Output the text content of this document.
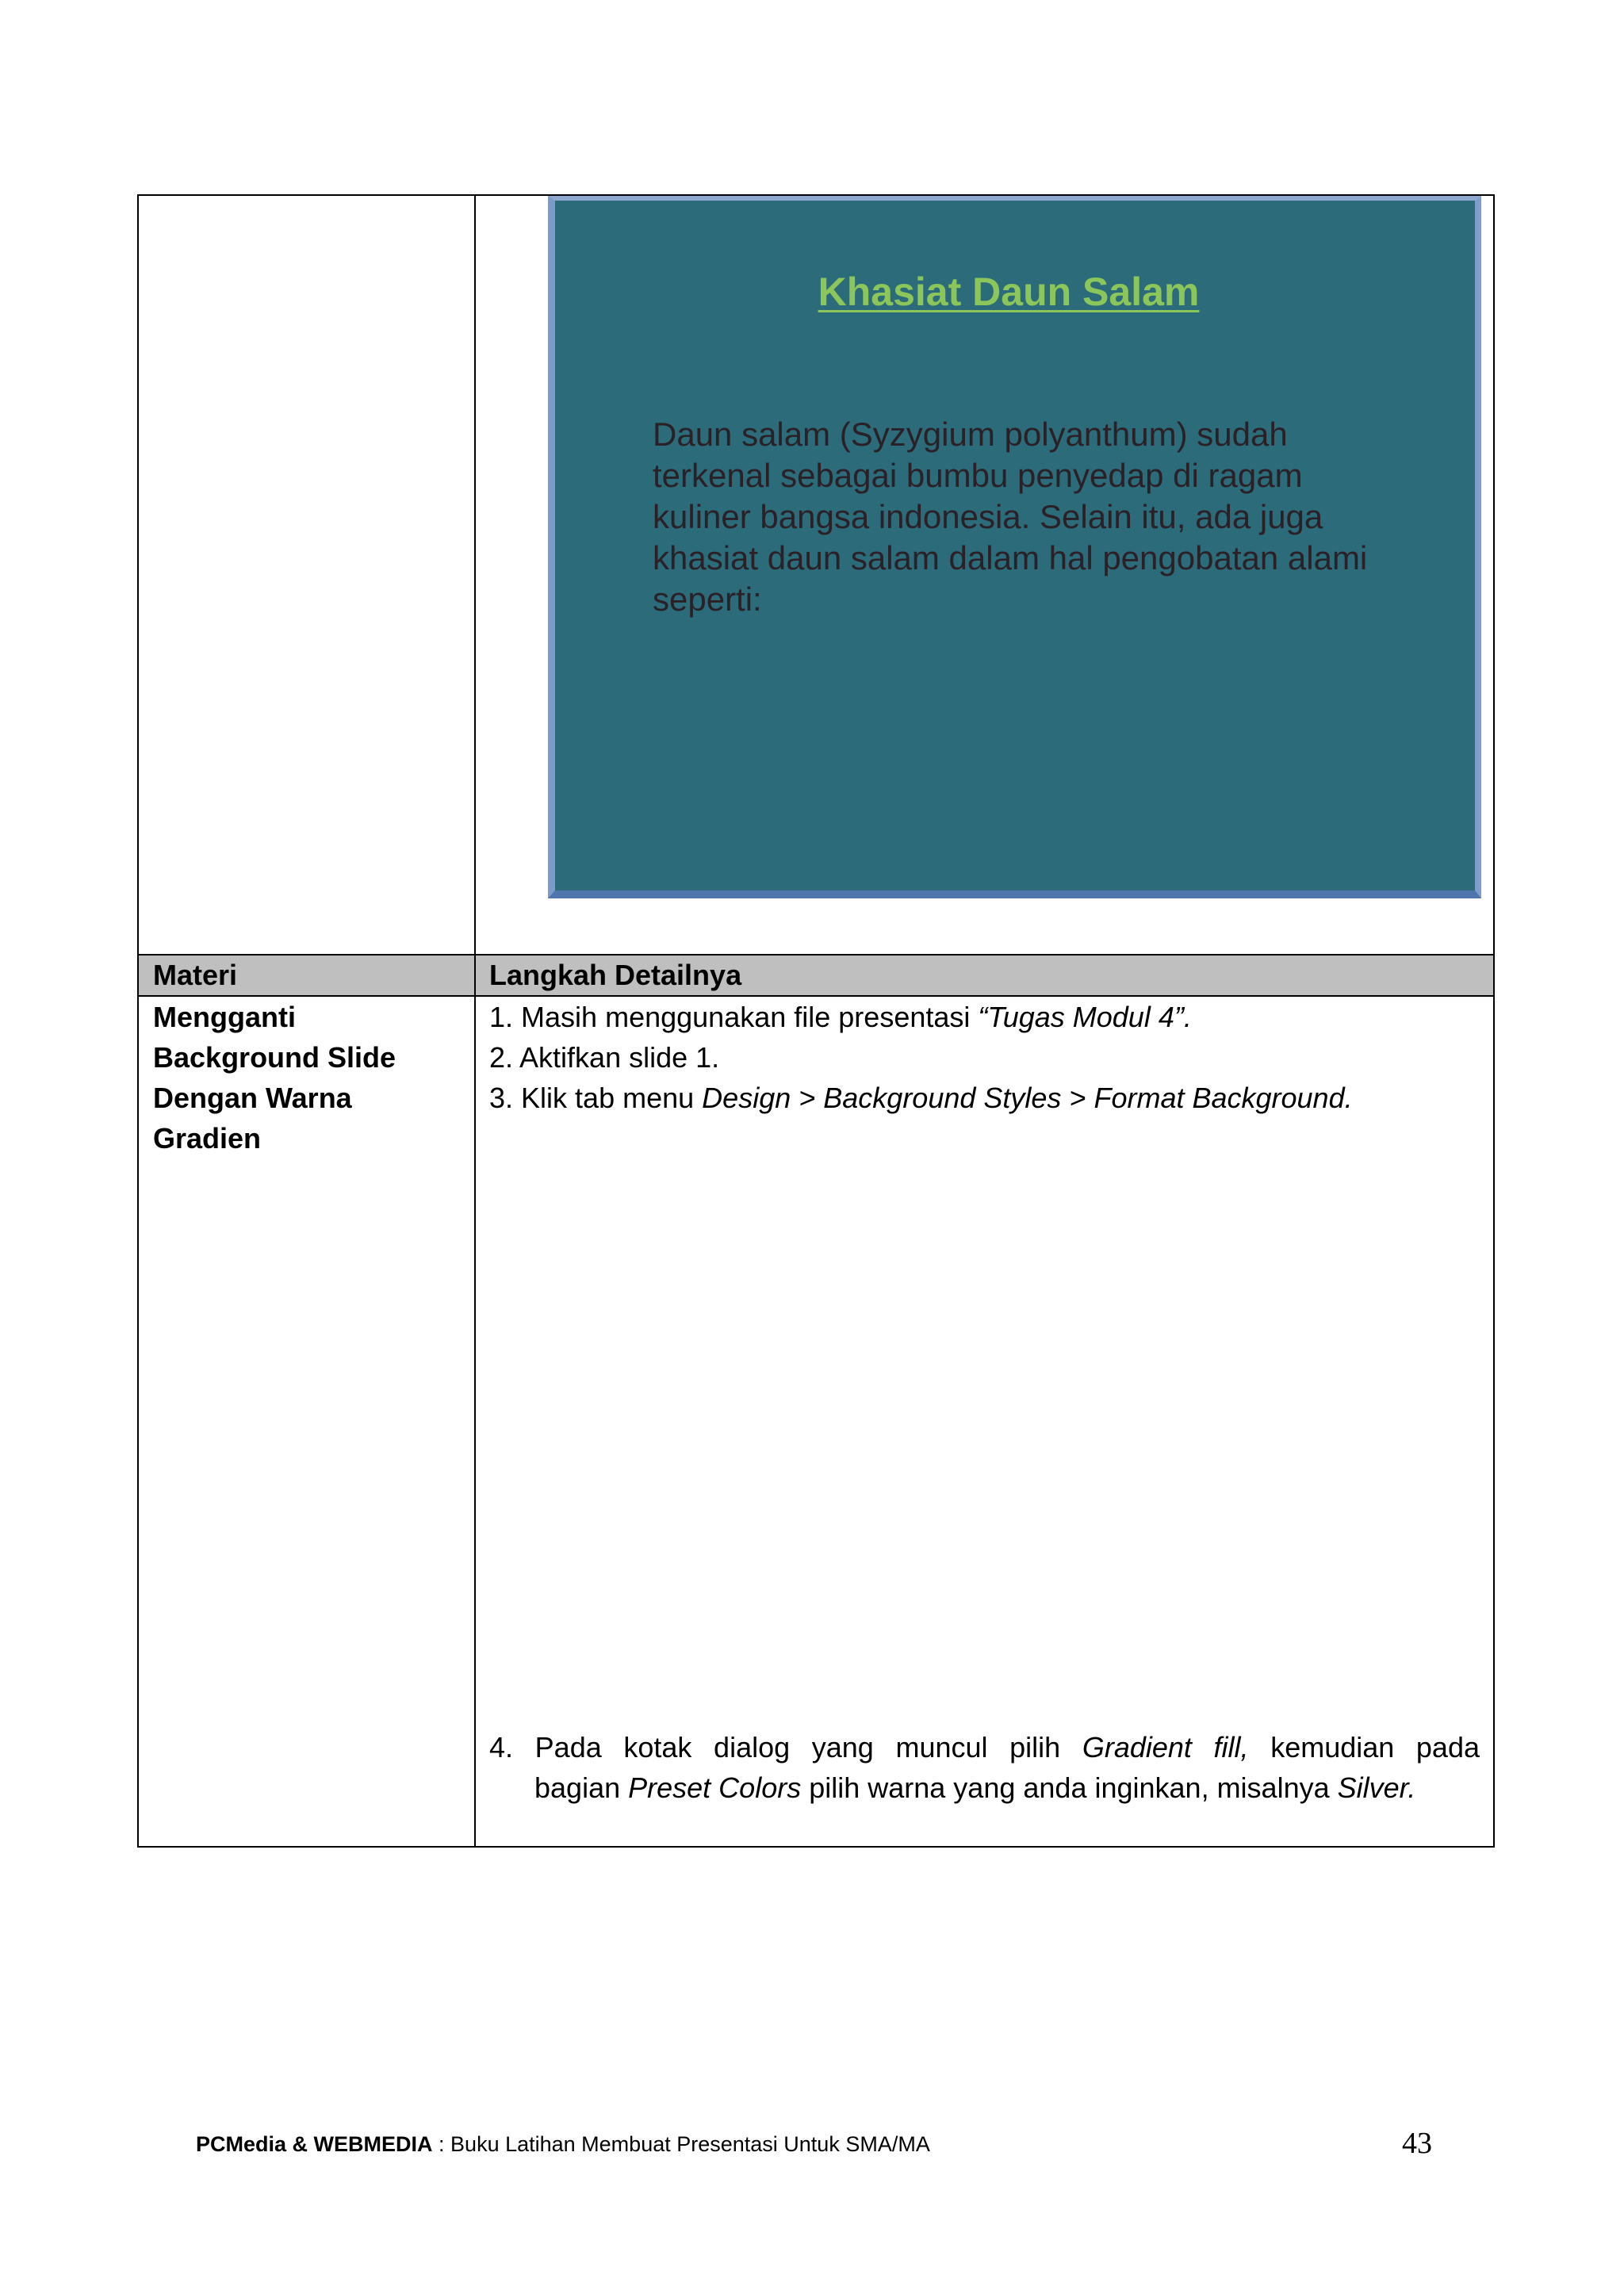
Khasiat Daun Salam
Daun salam (Syzygium polyanthum) sudah
terkenal sebagai bumbu penyedap di ragam
kuliner bangsa indonesia. Selain itu, ada juga
khasiat daun salam dalam hal pengobatan alami
seperti:
Materi	Langkah Detailnya
Mengganti
Background Slide
Dengan Warna
Gradien
1. Masih menggunakan file presentasi “Tugas Modul 4”.
2. Aktifkan slide 1.
3. Klik tab menu Design > Background Styles > Format Background.
4. Pada kotak dialog yang muncul pilih Gradient fill, kemudian pada
bagian Preset Colors pilih warna yang anda inginkan, misalnya Silver.
PCMedia & WEBMEDIA : Buku Latihan Membuat Presentasi Untuk SMA/MA	43
